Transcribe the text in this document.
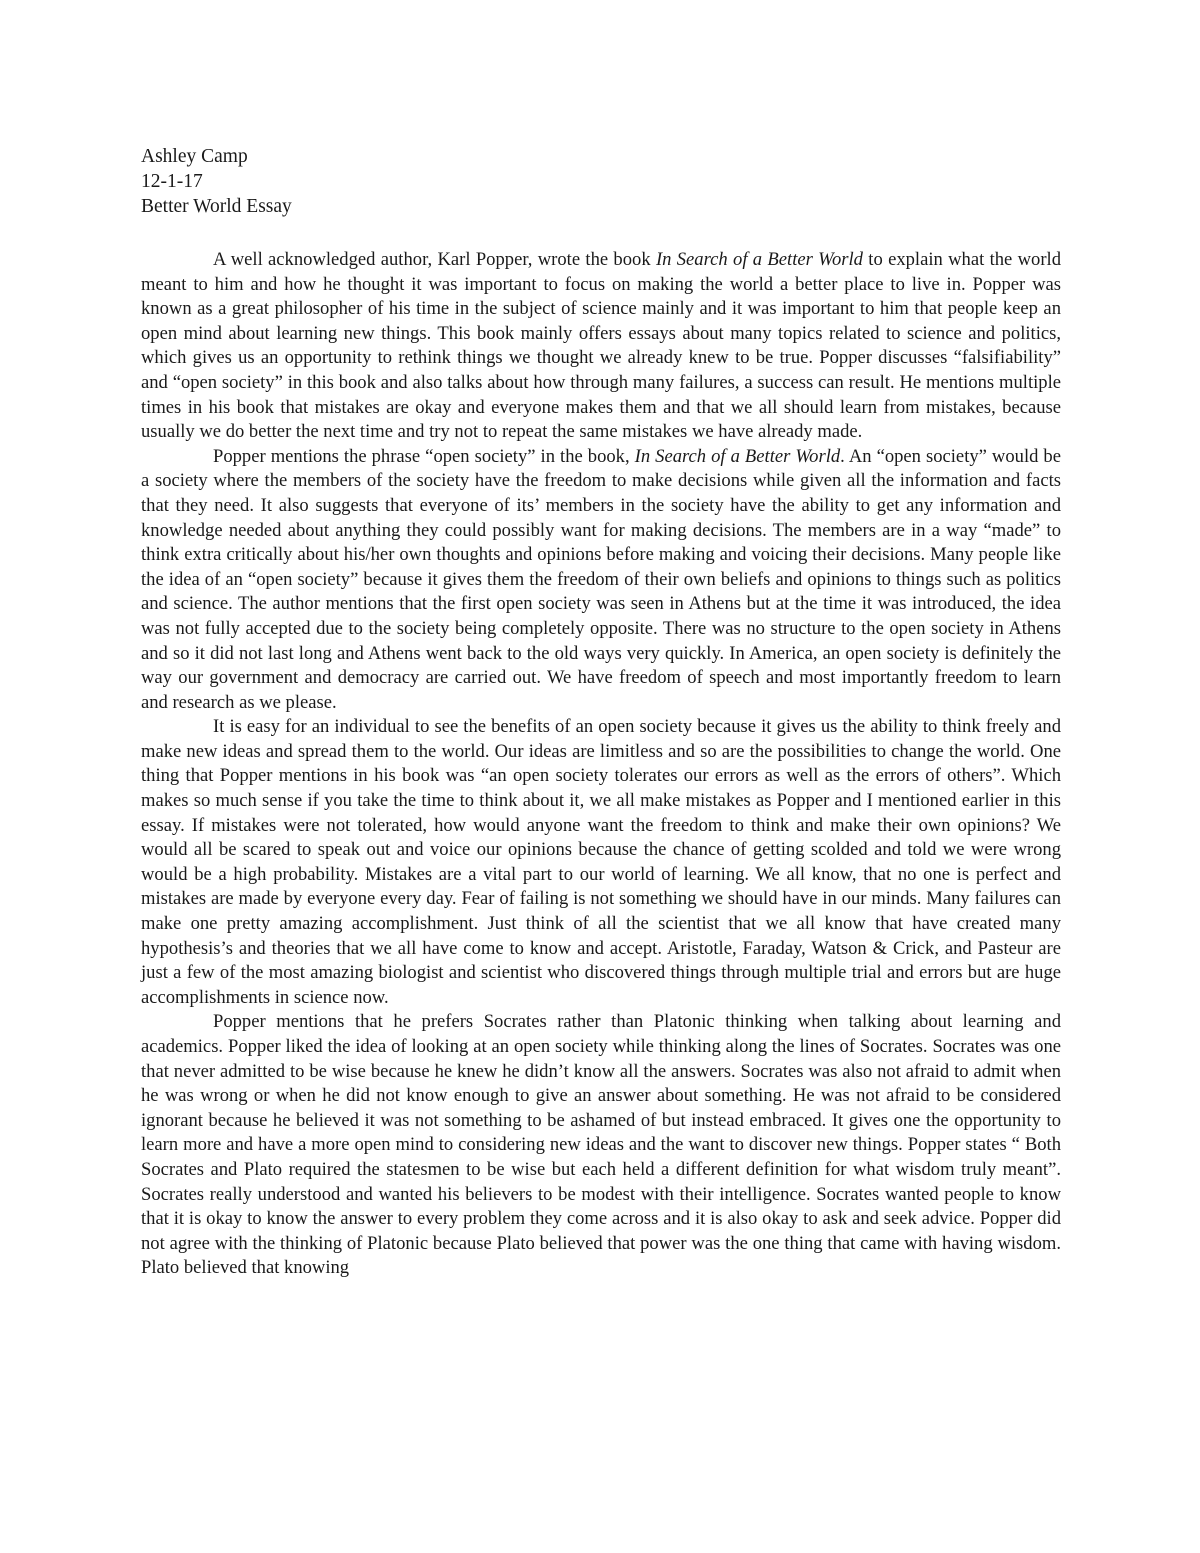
Ashley Camp
12-1-17
Better World Essay

A well acknowledged author, Karl Popper, wrote the book In Search of a Better World to explain what the world meant to him and how he thought it was important to focus on making the world a better place to live in. Popper was known as a great philosopher of his time in the subject of science mainly and it was important to him that people keep an open mind about learning new things. This book mainly offers essays about many topics related to science and politics, which gives us an opportunity to rethink things we thought we already knew to be true. Popper discusses “falsifiability” and “open society” in this book and also talks about how through many failures, a success can result. He mentions multiple times in his book that mistakes are okay and everyone makes them and that we all should learn from mistakes, because usually we do better the next time and try not to repeat the same mistakes we have already made.

Popper mentions the phrase “open society” in the book, In Search of a Better World. An “open society” would be a society where the members of the society have the freedom to make decisions while given all the information and facts that they need. It also suggests that everyone of its’ members in the society have the ability to get any information and knowledge needed about anything they could possibly want for making decisions. The members are in a way “made” to think extra critically about his/her own thoughts and opinions before making and voicing their decisions. Many people like the idea of an “open society” because it gives them the freedom of their own beliefs and opinions to things such as politics and science. The author mentions that the first open society was seen in Athens but at the time it was introduced, the idea was not fully accepted due to the society being completely opposite. There was no structure to the open society in Athens and so it did not last long and Athens went back to the old ways very quickly. In America, an open society is definitely the way our government and democracy are carried out. We have freedom of speech and most importantly freedom to learn and research as we please.

It is easy for an individual to see the benefits of an open society because it gives us the ability to think freely and make new ideas and spread them to the world. Our ideas are limitless and so are the possibilities to change the world. One thing that Popper mentions in his book was “an open society tolerates our errors as well as the errors of others”. Which makes so much sense if you take the time to think about it, we all make mistakes as Popper and I mentioned earlier in this essay. If mistakes were not tolerated, how would anyone want the freedom to think and make their own opinions? We would all be scared to speak out and voice our opinions because the chance of getting scolded and told we were wrong would be a high probability. Mistakes are a vital part to our world of learning. We all know, that no one is perfect and mistakes are made by everyone every day. Fear of failing is not something we should have in our minds. Many failures can make one pretty amazing accomplishment. Just think of all the scientist that we all know that have created many hypothesis’s and theories that we all have come to know and accept. Aristotle, Faraday, Watson & Crick, and Pasteur are just a few of the most amazing biologist and scientist who discovered things through multiple trial and errors but are huge accomplishments in science now.

Popper mentions that he prefers Socrates rather than Platonic thinking when talking about learning and academics. Popper liked the idea of looking at an open society while thinking along the lines of Socrates. Socrates was one that never admitted to be wise because he knew he didn’t know all the answers. Socrates was also not afraid to admit when he was wrong or when he did not know enough to give an answer about something. He was not afraid to be considered ignorant because he believed it was not something to be ashamed of but instead embraced. It gives one the opportunity to learn more and have a more open mind to considering new ideas and the want to discover new things. Popper states “ Both Socrates and Plato required the statesmen to be wise but each held a different definition for what wisdom truly meant”. Socrates really understood and wanted his believers to be modest with their intelligence. Socrates wanted people to know that it is okay to know the answer to every problem they come across and it is also okay to ask and seek advice. Popper did not agree with the thinking of Platonic because Plato believed that power was the one thing that came with having wisdom. Plato believed that knowing
